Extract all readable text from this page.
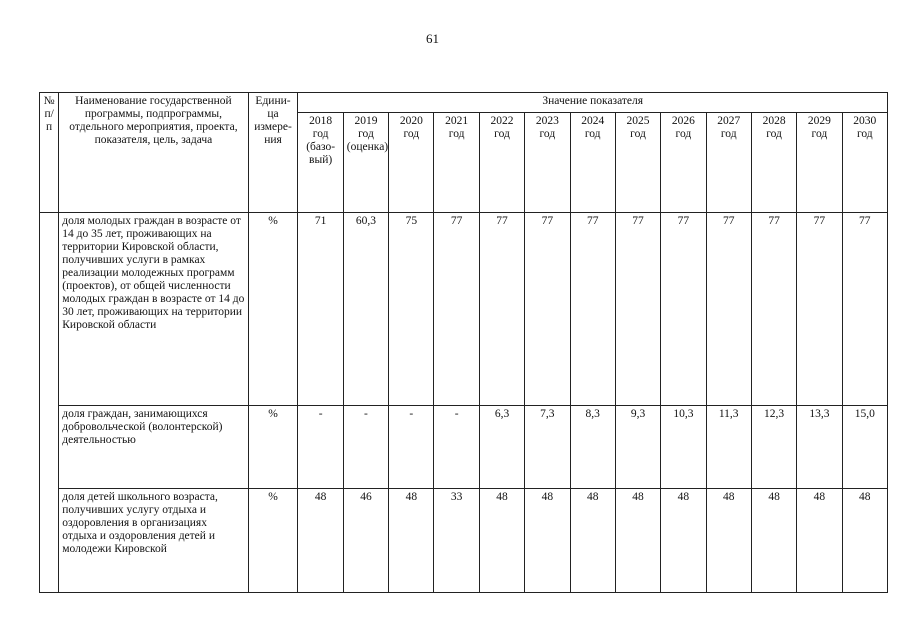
61
№ п/п	Наименование государственной программы, подпрограммы, отдельного мероприятия, проекта, показателя, цель, задача	Едини-ца измере-ния	Значение показателя												
			2018 год (базо-вый)	2019 год (оценка)	2020 год	2021 год	2022 год	2023 год	2024 год	2025 год	2026 год	2027 год	2028 год	2029 год	2030 год
	доля молодых граждан в возрасте от 14 до 35 лет, проживающих на территории Кировской области, получивших услуги в рамках реализации молодежных программ (проектов), от общей численности молодых граждан в возрасте от 14 до 30 лет, проживающих на территории Кировской области	%	71	60,3	75	77	77	77	77	77	77	77	77	77	77
	доля граждан, занимающихся добровольческой (волонтерской) деятельностью	%	-	-	-	-	6,3	7,3	8,3	9,3	10,3	11,3	12,3	13,3	15,0
	доля детей школьного возраста, получивших услугу отдыха и оздоровления в организациях отдыха и оздоровления детей и молодежи Кировской	%	48	46	48	33	48	48	48	48	48	48	48	48	48
